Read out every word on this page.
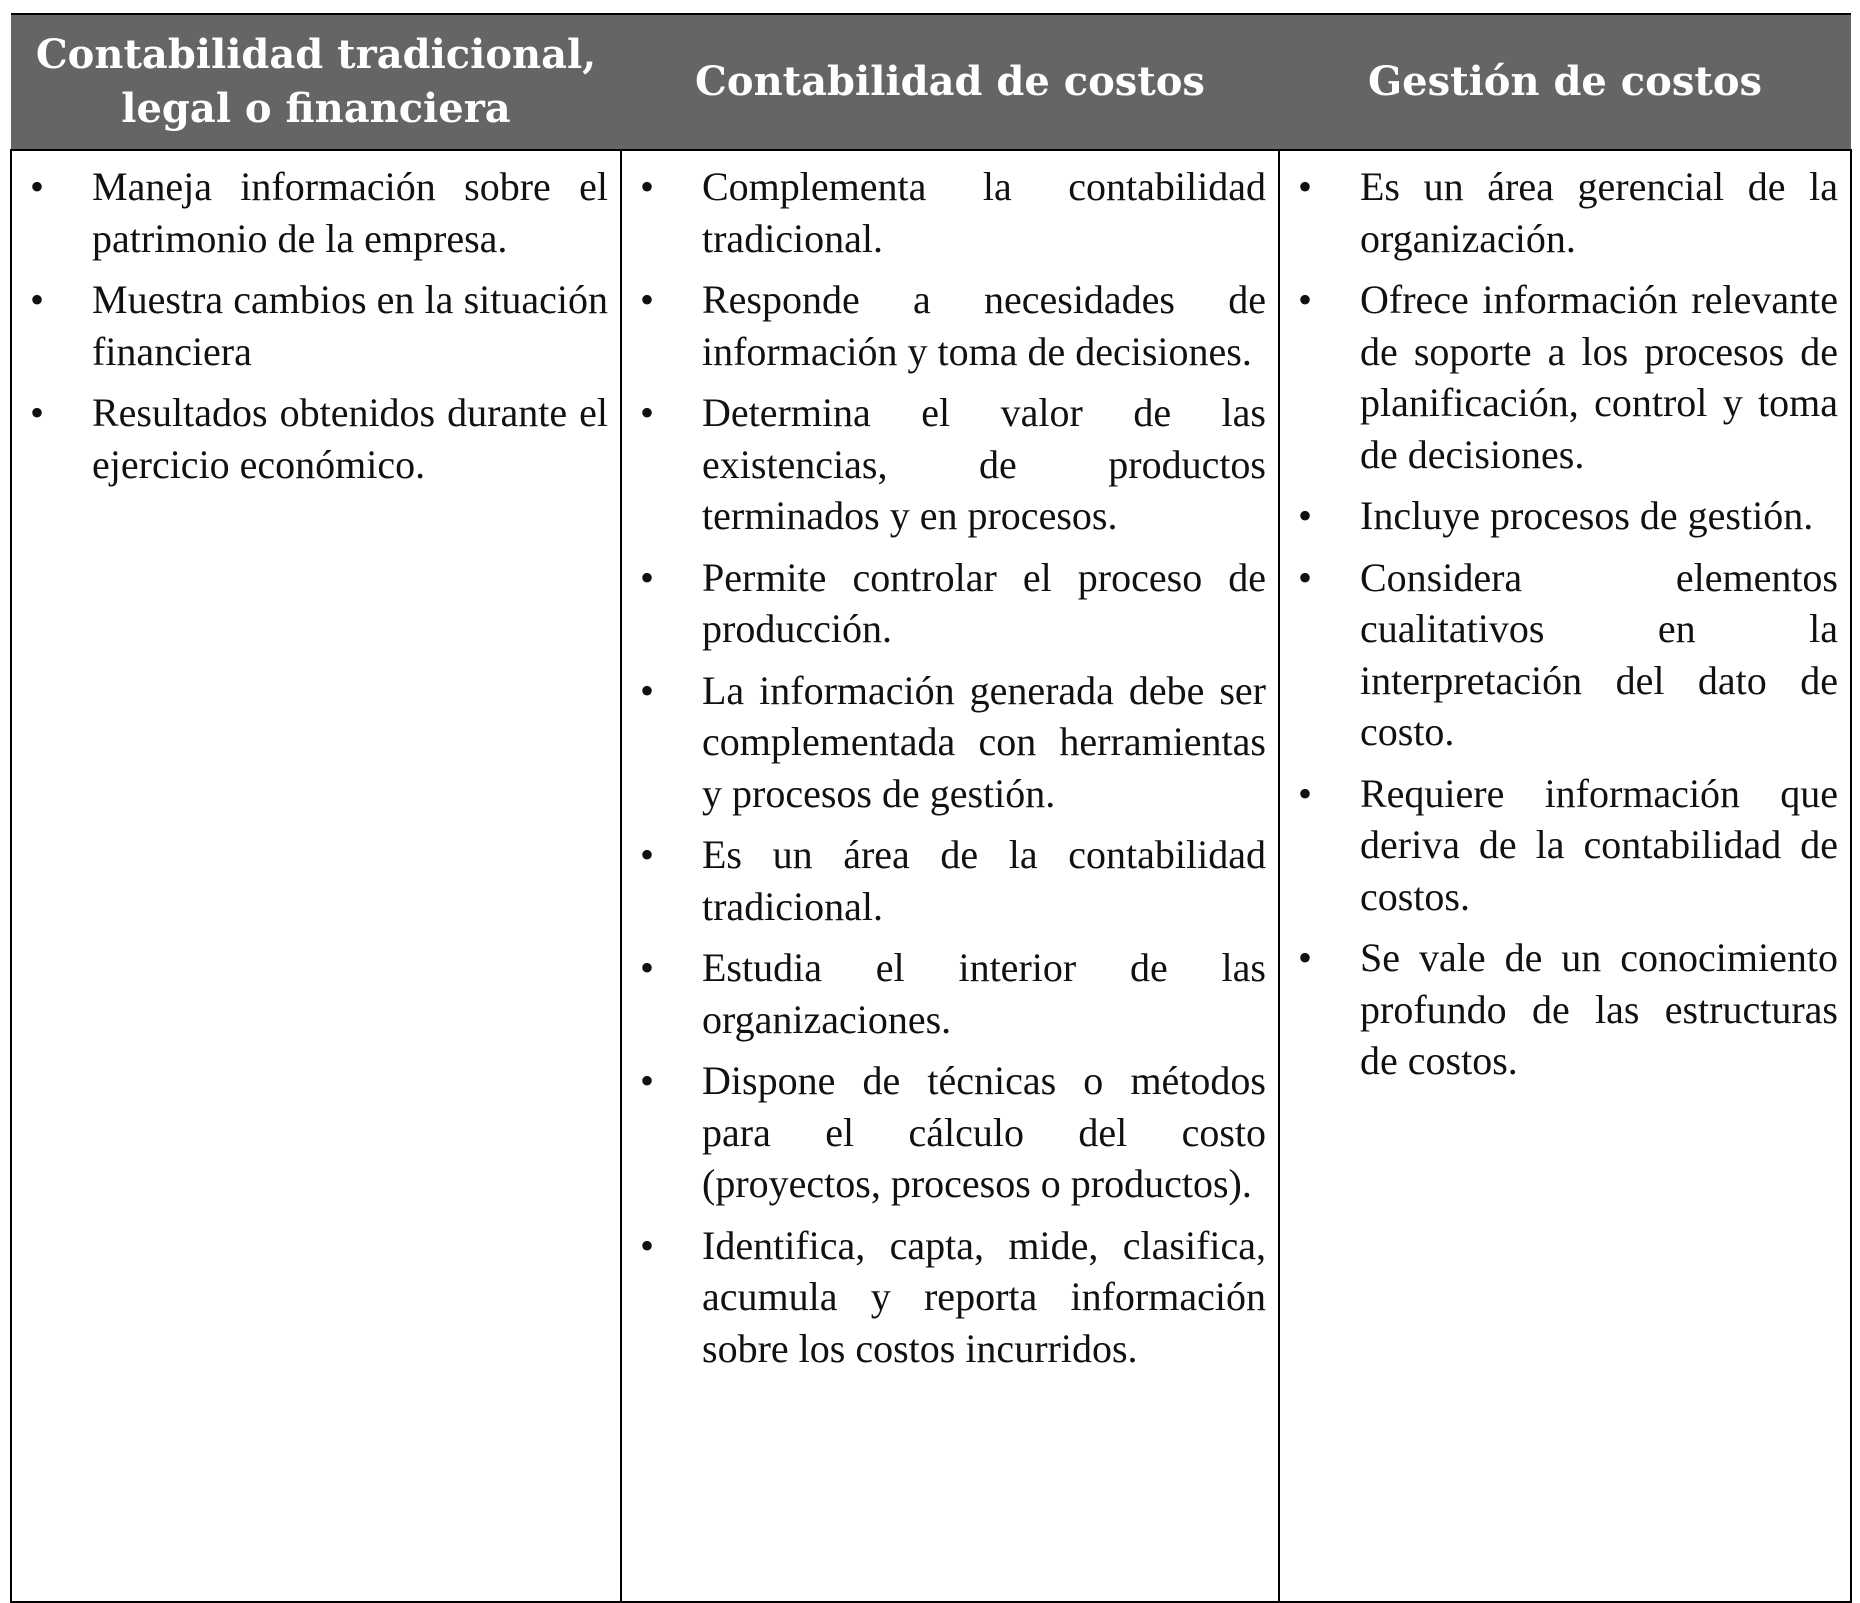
Contabilidad tradicional, legal o financiera	Contabilidad de costos	Gestión de costos

•	Maneja información sobre el patrimonio de la empresa.
•	Muestra cambios en la situación financiera
•	Resultados obtenidos durante el ejercicio económico.

•	Complementa la contabilidad tradicional.
•	Responde a necesidades de información y toma de decisiones.
•	Determina el valor de las existencias, de productos terminados y en procesos.
•	Permite controlar el proceso de producción.
•	La información generada debe ser complementada con herramientas y procesos de gestión.
•	Es un área de la contabilidad tradicional.
•	Estudia el interior de las organizaciones.
•	Dispone de técnicas o métodos para el cálculo del costo (proyectos, procesos o productos).
•	Identifica, capta, mide, clasifica, acumula y reporta información sobre los costos incurridos.

•	Es un área gerencial de la organización.
•	Ofrece información relevante de soporte a los procesos de planificación, control y toma de decisiones.
•	Incluye procesos de gestión.
•	Considera elementos cualitativos en la interpretación del dato de costo.
•	Requiere información que deriva de la contabilidad de costos.
•	Se vale de un conocimiento profundo de las estructuras de costos.
